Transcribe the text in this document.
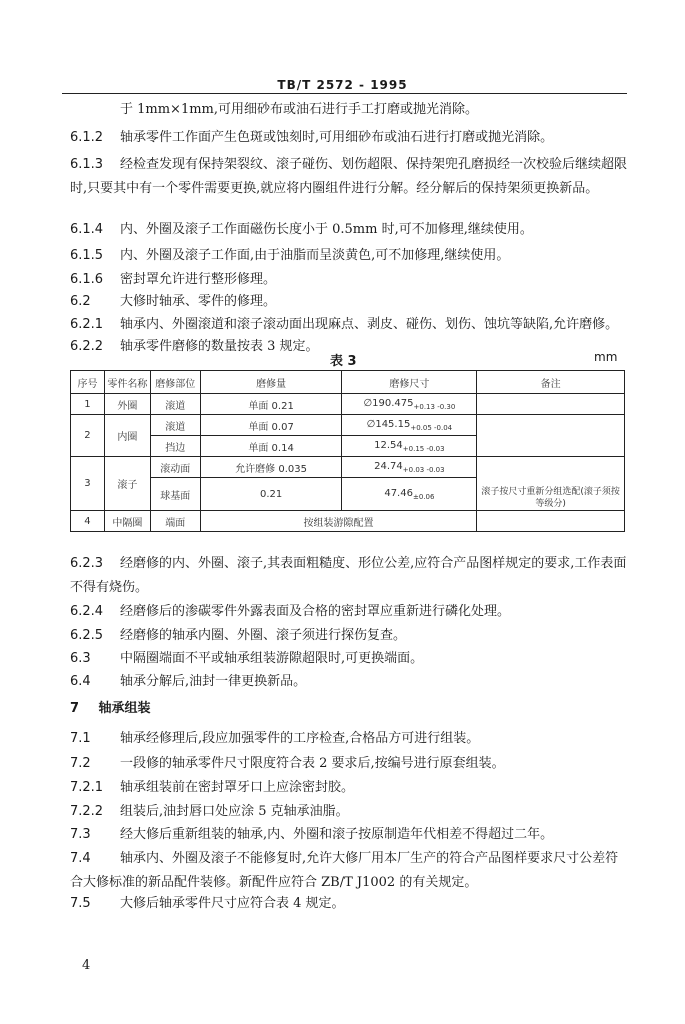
TB/T 2572 - 1995

于 1mm×1mm,可用细砂布或油石进行手工打磨或抛光消除。

6.1.2 轴承零件工作面产生色斑或蚀刻时,可用细砂布或油石进行打磨或抛光消除。

6.1.3 经检查发现有保持架裂纹、滚子碰伤、划伤超限、保持架兜孔磨损经一次校验后继续超限时,只要其中有一个零件需要更换,就应将内圈组件进行分解。经分解后的保持架须更换新品。

6.1.4 内、外圈及滚子工作面磁伤长度小于 0.5mm 时,可不加修理,继续使用。

6.1.5 内、外圈及滚子工作面,由于油脂而呈淡黄色,可不加修理,继续使用。

6.1.6 密封罩允许进行整形修理。

6.2 大修时轴承、零件的修理。

6.2.1 轴承内、外圈滚道和滚子滚动面出现麻点、剥皮、碰伤、划伤、蚀坑等缺陷,允许磨修。

6.2.2 轴承零件磨修的数量按表 3 规定。

表 3	mm
序号	零件名称	磨修部位	磨修量	磨修尺寸	备注
1	外圈	滚道	单面 0.21	$\emptyset 190.475_{+0.13 -0.30}$	
2	内圈	滚道	单面 0.07	$\emptyset 145.15_{+0.05 -0.04}$	
		挡边	单面 0.14	$12.54_{+0.15 -0.03}$
3	滚子	滚动面	允许磨修 0.035	$24.74_{+0.03 -0.03}$	滚子按尺寸重新分组选配(滚子须按等级分)
		球基面	0.21	$47.46_{\pm 0.06}$
4	中隔圈	端面	按组装游隙配置		

6.2.3 经磨修的内、外圈、滚子,其表面粗糙度、形位公差,应符合产品图样规定的要求,工作表面不得有烧伤。

6.2.4 经磨修后的渗碳零件外露表面及合格的密封罩应重新进行磷化处理。

6.2.5 经磨修的轴承内圈、外圈、滚子须进行探伤复查。

6.3 中隔圈端面不平或轴承组装游隙超限时,可更换端面。

6.4 轴承分解后,油封一律更换新品。

7 轴承组装

7.1 轴承经修理后,段应加强零件的工序检查,合格品方可进行组装。

7.2 一段修的轴承零件尺寸限度符合表 2 要求后,按编号进行原套组装。

7.2.1 轴承组装前在密封罩牙口上应涂密封胶。

7.2.2 组装后,油封唇口处应涂 5 克轴承油脂。

7.3 经大修后重新组装的轴承,内、外圈和滚子按原制造年代相差不得超过二年。

7.4 轴承内、外圈及滚子不能修复时,允许大修厂用本厂生产的符合产品图样要求尺寸公差符合大修标准的新品配件装修。新配件应符合 ZB/T J1002 的有关规定。

7.5 大修后轴承零件尺寸应符合表 4 规定。

4
